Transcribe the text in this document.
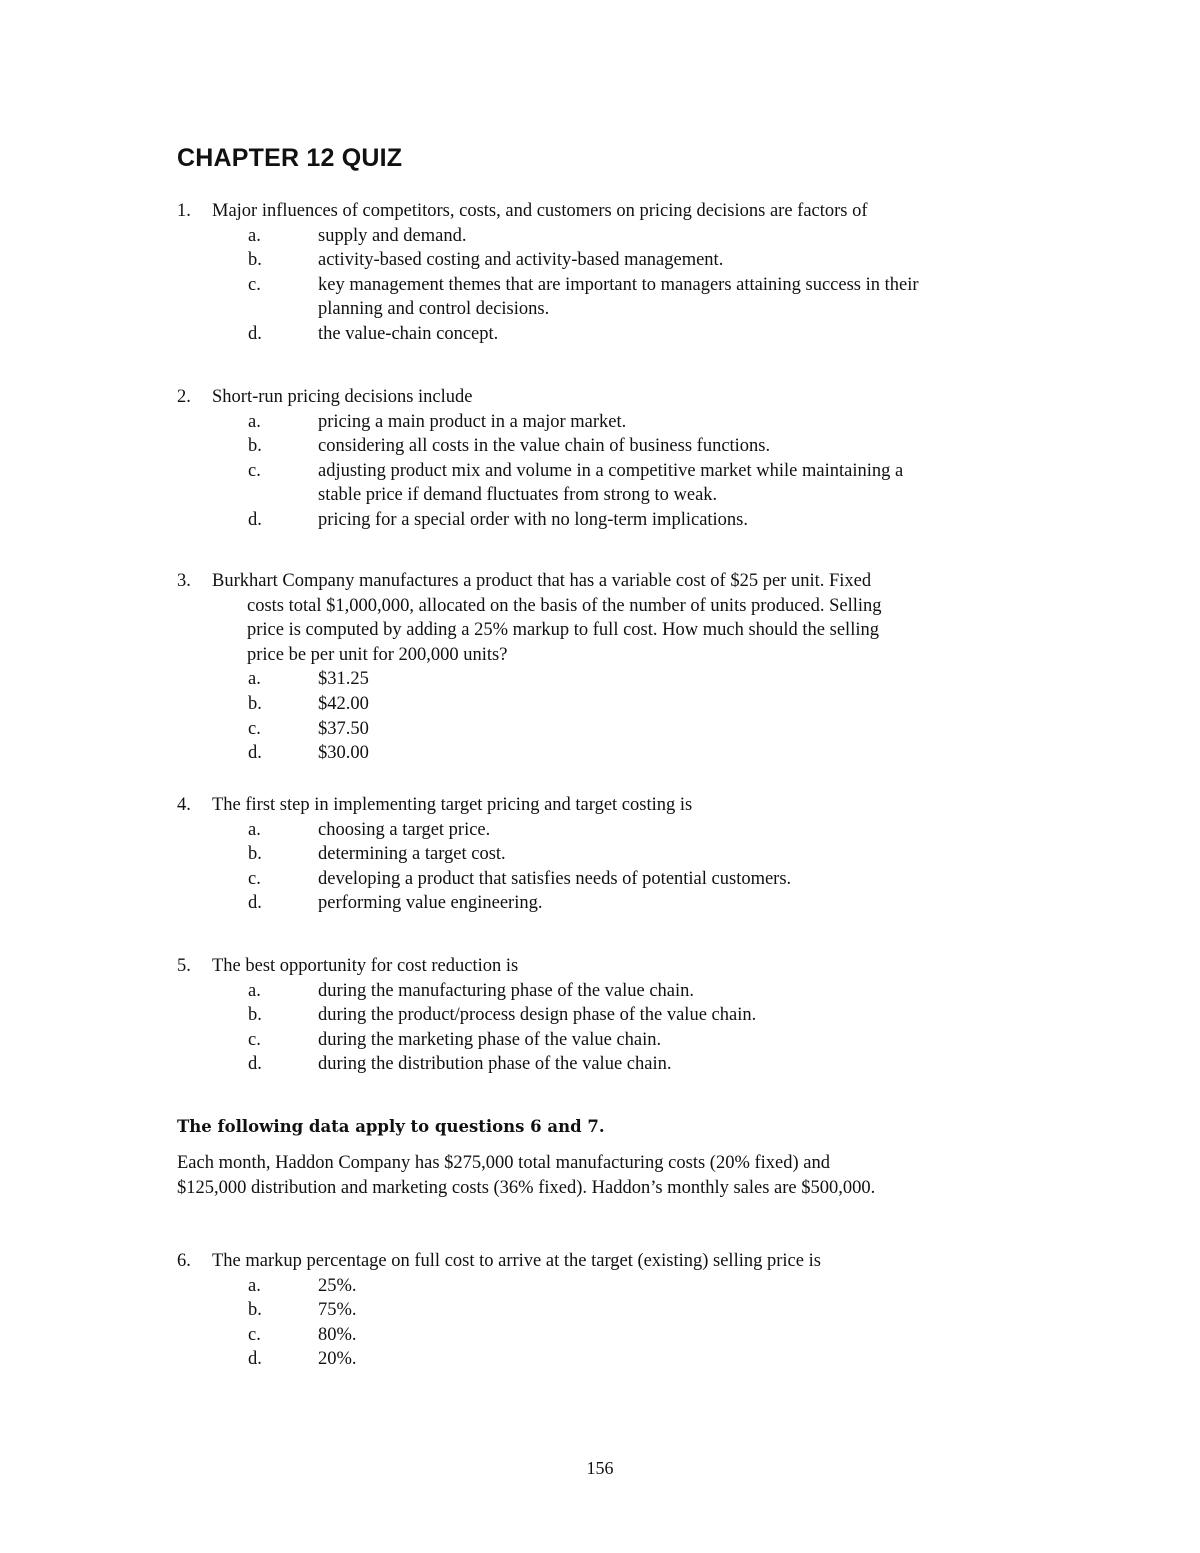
CHAPTER 12 QUIZ
1. Major influences of competitors, costs, and customers on pricing decisions are factors of
a.	supply and demand.
b.	activity-based costing and activity-based management.
c.	key management themes that are important to managers attaining success in their
planning and control decisions.
d.	the value-chain concept.
2. Short-run pricing decisions include
a.	pricing a main product in a major market.
b.	considering all costs in the value chain of business functions.
c.	adjusting product mix and volume in a competitive market while maintaining a
stable price if demand fluctuates from strong to weak.
d.	pricing for a special order with no long-term implications.
3. Burkhart Company manufactures a product that has a variable cost of $25 per unit. Fixed
costs total $1,000,000, allocated on the basis of the number of units produced. Selling
price is computed by adding a 25% markup to full cost. How much should the selling
price be per unit for 200,000 units?
a.	$31.25
b.	$42.00
c.	$37.50
d.	$30.00
4. The first step in implementing target pricing and target costing is
a.	choosing a target price.
b.	determining a target cost.
c.	developing a product that satisfies needs of potential customers.
d.	performing value engineering.
5. The best opportunity for cost reduction is
a.	during the manufacturing phase of the value chain.
b.	during the product/process design phase of the value chain.
c.	during the marketing phase of the value chain.
d.	during the distribution phase of the value chain.
6. The markup percentage on full cost to arrive at the target (existing) selling price is
a.	25%.
b.	75%.
c.	80%.
d.	20%.
The following data apply to questions 6 and 7.
Each month, Haddon Company has $275,000 total manufacturing costs (20% fixed) and
$125,000 distribution and marketing costs (36% fixed). Haddon’s monthly sales are $500,000.
156
